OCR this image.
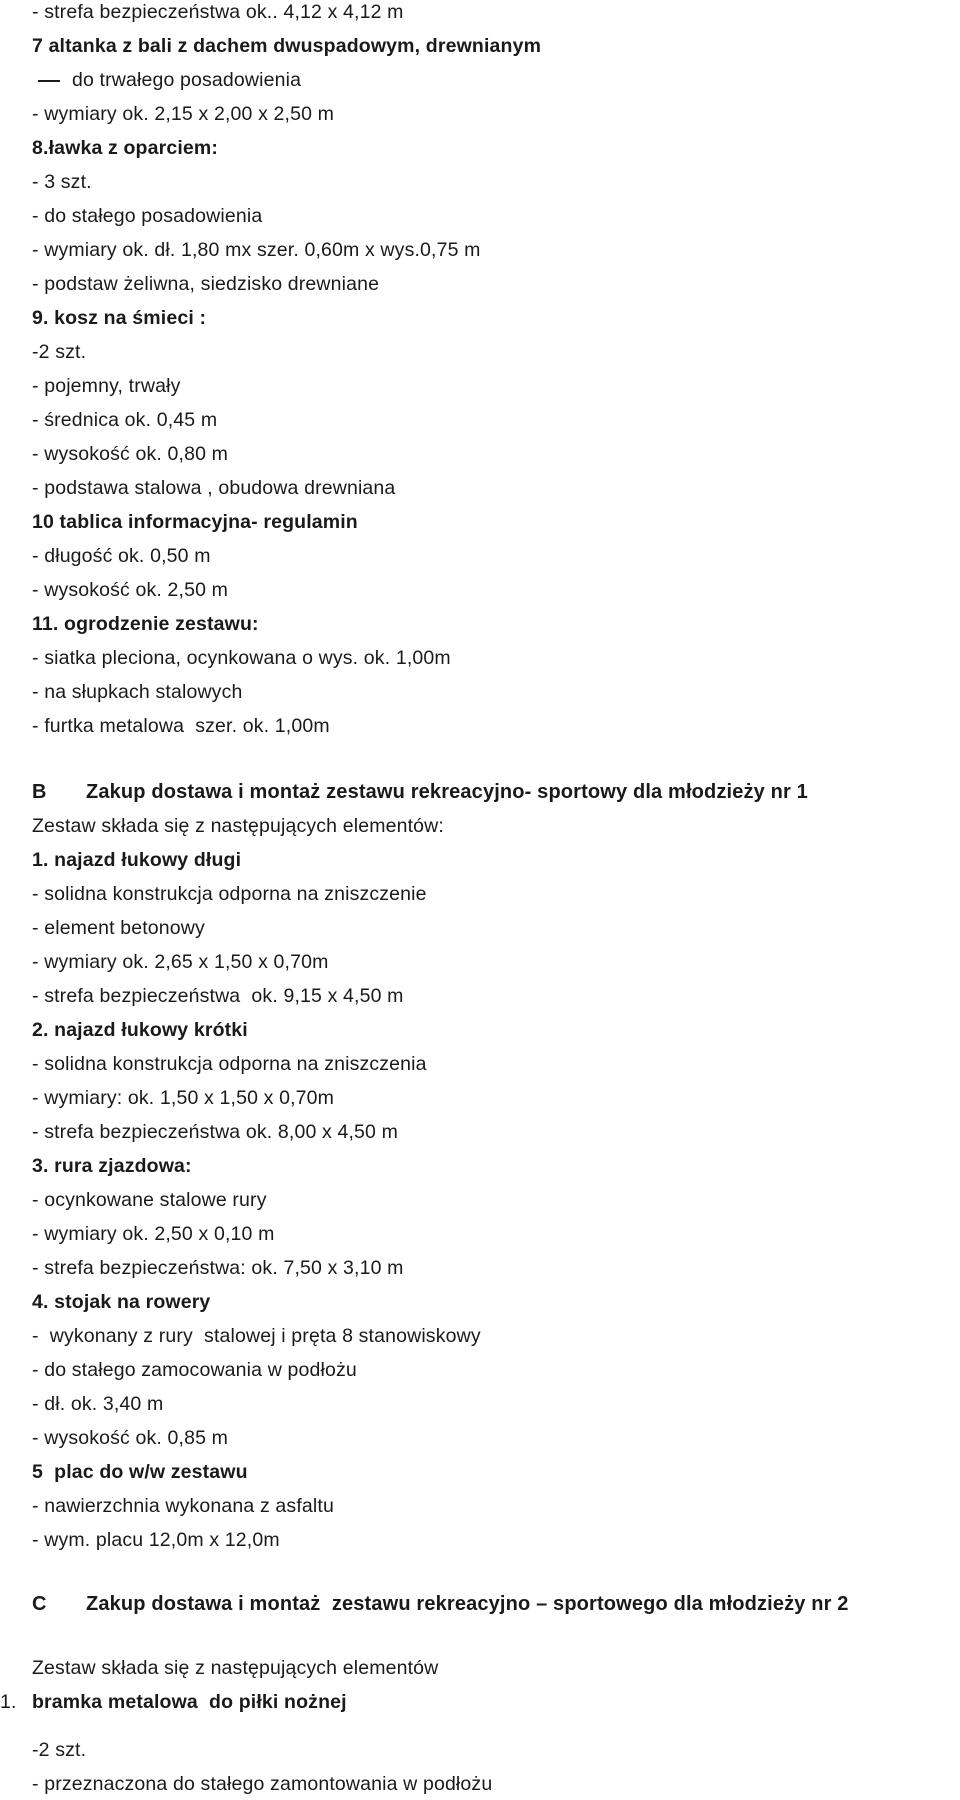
- strefa bezpieczeństwa ok.. 4,12 x 4,12 m
7 altanka z bali z dachem dwuspadowym, drewnianym
do trwałego posadowienia
- wymiary ok. 2,15 x 2,00 x 2,50 m
8.ławka z oparciem:
- 3 szt.
- do stałego posadowienia
- wymiary ok. dł. 1,80 mx szer. 0,60m x wys.0,75 m
- podstaw żeliwna, siedzisko drewniane
9. kosz na śmieci :
-2 szt.
- pojemny, trwały
- średnica ok. 0,45 m
- wysokość ok. 0,80 m
- podstawa stalowa , obudowa drewniana
10 tablica informacyjna- regulamin
- długość ok. 0,50 m
- wysokość ok. 2,50 m
11. ogrodzenie zestawu:
- siatka pleciona, ocynkowana o wys. ok. 1,00m
- na słupkach stalowych
- furtka metalowa  szer. ok. 1,00m
B Zakup dostawa i montaż zestawu rekreacyjno- sportowy dla młodzieży nr 1
Zestaw składa się z następujących elementów:
1. najazd łukowy długi
- solidna konstrukcja odporna na zniszczenie
- element betonowy
- wymiary ok. 2,65 x 1,50 x 0,70m
- strefa bezpieczeństwa  ok. 9,15 x 4,50 m
2. najazd łukowy krótki
- solidna konstrukcja odporna na zniszczenia
- wymiary: ok. 1,50 x 1,50 x 0,70m
- strefa bezpieczeństwa ok. 8,00 x 4,50 m
3. rura zjazdowa:
- ocynkowane stalowe rury
- wymiary ok. 2,50 x 0,10 m
- strefa bezpieczeństwa: ok. 7,50 x 3,10 m
4. stojak na rowery
-  wykonany z rury  stalowej i pręta 8 stanowiskowy
- do stałego zamocowania w podłożu
- dł. ok. 3,40 m
- wysokość ok. 0,85 m
5  plac do w/w zestawu
- nawierzchnia wykonana z asfaltu
- wym. placu 12,0m x 12,0m
C Zakup dostawa i montaż  zestawu rekreacyjno – sportowego dla młodzieży nr 2
Zestaw składa się z następujących elementów
1. bramka metalowa  do piłki nożnej
-2 szt.
- przeznaczona do stałego zamontowania w podłożu
